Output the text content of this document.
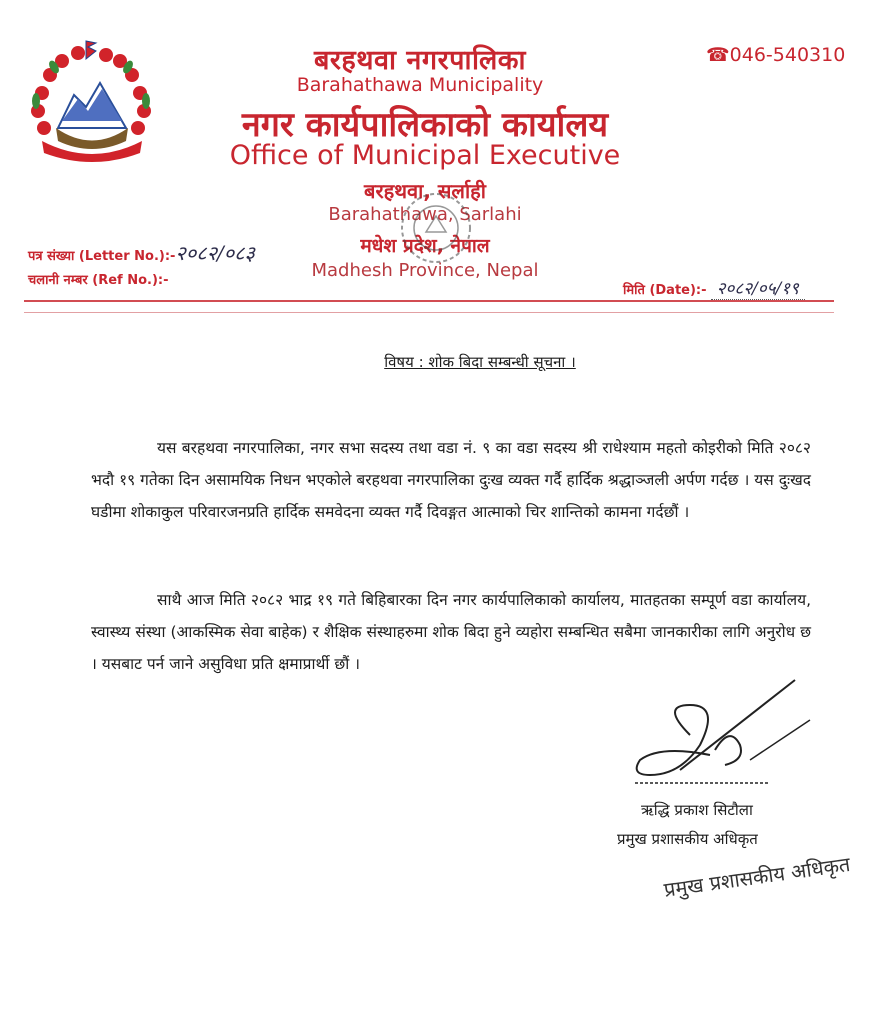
बरहथवा नगरपालिका
Barahathawa Municipality
नगर कार्यपालिकाको कार्यालय
Office of Municipal Executive
बरहथवा, सर्लाही
Barahathawa, Sarlahi
मधेश प्रदेश, नेपाल
Madhesh Province, Nepal
☎046-540310
पत्र संख्या (Letter No.):-२०८२/०८३
चलानी नम्बर (Ref No.):-
मिति (Date):- २०८२/०५/१९
विषय : शोक बिदा सम्बन्धी सूचना ।
यस बरहथवा नगरपालिका, नगर सभा सदस्य तथा वडा नं. ९ का वडा सदस्य श्री राधेश्याम महतो कोइरीको मिति २०८२ भदौ १९ गतेका दिन असामयिक निधन भएकोले बरहथवा नगरपालिका दुःख व्यक्त गर्दै हार्दिक श्रद्धाञ्जली अर्पण गर्दछ । यस दुःखद घडीमा शोकाकुल परिवारजनप्रति हार्दिक समवेदना व्यक्त गर्दै दिवङ्गत आत्माको चिर शान्तिको कामना गर्दछौं ।
साथै आज मिति २०८२ भाद्र १९ गते बिहिबारका दिन नगर कार्यपालिकाको कार्यालय, मातहतका सम्पूर्ण वडा कार्यालय, स्वास्थ्य संस्था (आकस्मिक सेवा बाहेक) र शैक्षिक संस्थाहरुमा शोक बिदा हुने व्यहोरा सम्बन्धित सबैमा जानकारीका लागि अनुरोध छ । यसबाट पर्न जाने असुविधा प्रति क्षमाप्रार्थी छौं ।
ऋद्धि प्रकाश सिटौला
प्रमुख प्रशासकीय अधिकृत
प्रमुख प्रशासकीय अधिकृत
